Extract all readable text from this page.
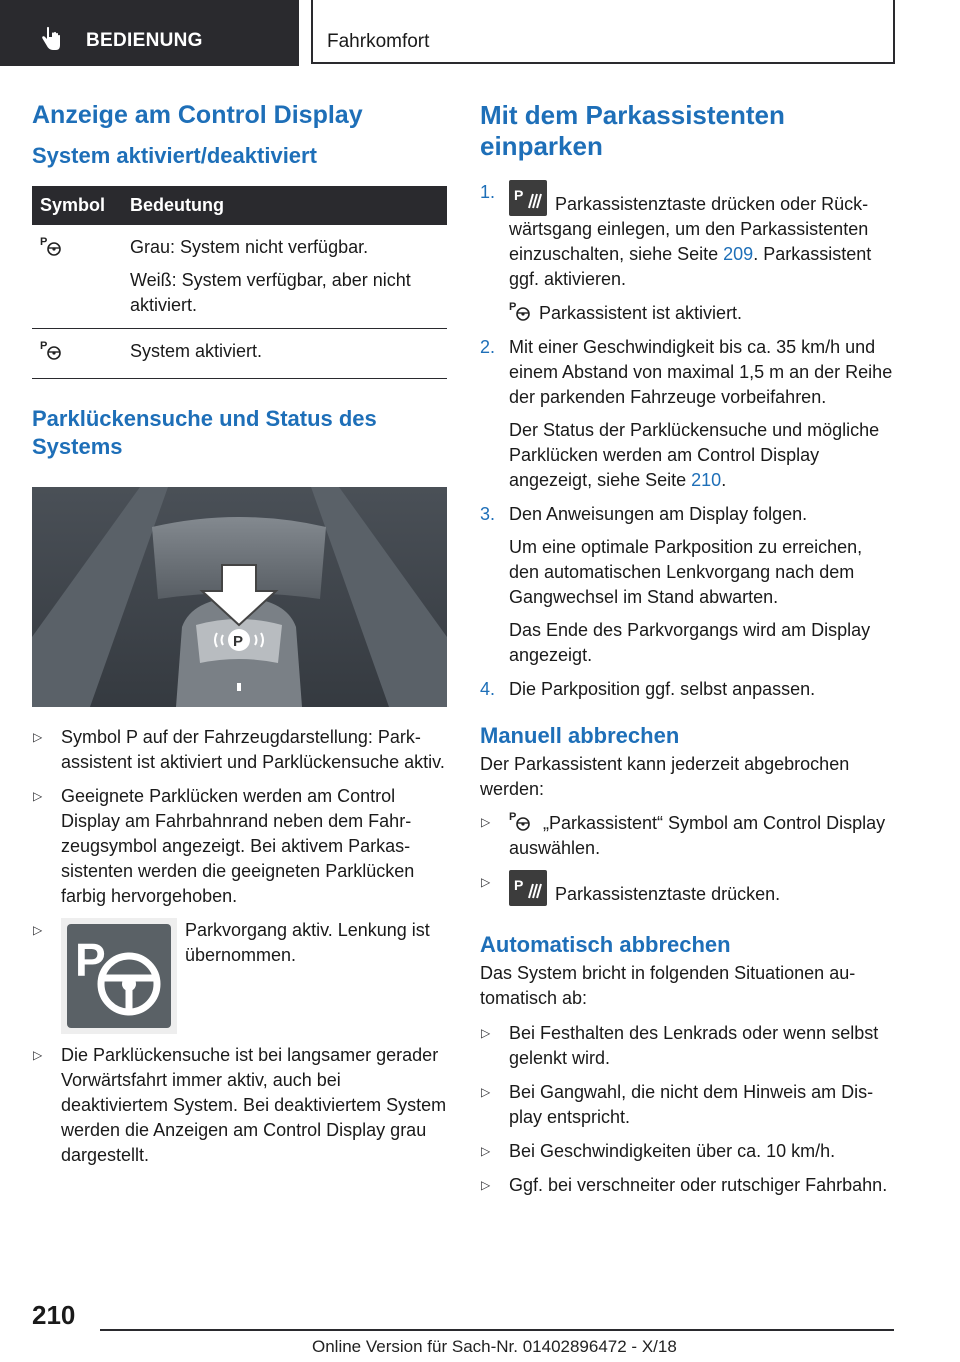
BEDIENUNG	Fahrkomfort
Anzeige am Control Display
System aktiviert/deaktiviert
Symbol	Bedeutung

P	Grau: System nicht verfügbar.
Weiß: System verfügbar, aber nicht aktiviert.

P	System aktiviert.
Parklückensuche und Status des Systems
P
▷ Symbol P auf der Fahrzeugdarstellung: Parkassistent ist aktiviert und Parklückensuche aktiv.
▷ Geeignete Parklücken werden am Control Display am Fahrbahnrand neben dem Fahrzeugsymbol angezeigt. Bei aktivem Parkassistenten werden die geeigneten Parklücken farbig hervorgehoben.
▷
P
Parkvorgang aktiv. Lenkung ist übernommen.
▷ Die Parklückensuche ist bei langsamer gerader Vorwärtsfahrt immer aktiv, auch bei deaktiviertem System. Bei deaktiviertem System werden die Anzeigen am Control Display grau dargestellt.
Mit dem Parkassistenten einparken
1. P Parkassistenztaste drücken oder Rückwärtsgang einlegen, um den Parkassistenten einzuschalten, siehe Seite 209. Parkassistent ggf. aktivieren.
P Parkassistent ist aktiviert.
2. Mit einer Geschwindigkeit bis ca. 35 km/h und einem Abstand von maximal 1,5 m an der Reihe der parkenden Fahrzeuge vorbeifahren.
Der Status der Parklückensuche und mögliche Parklücken werden am Control Display angezeigt, siehe Seite 210.
3. Den Anweisungen am Display folgen.
Um eine optimale Parkposition zu erreichen, den automatischen Lenkvorgang nach dem Gangwechsel im Stand abwarten.
Das Ende des Parkvorgangs wird am Display angezeigt.
4. Die Parkposition ggf. selbst anpassen.
Manuell abbrechen
Der Parkassistent kann jederzeit abgebrochen werden:
▷ P „Parkassistent“ Symbol am Control Display auswählen.
▷ P Parkassistenztaste drücken.
Automatisch abbrechen
Das System bricht in folgenden Situationen automatisch ab:
▷ Bei Festhalten des Lenkrads oder wenn selbst gelenkt wird.
▷ Bei Gangwahl, die nicht dem Hinweis am Display entspricht.
▷ Bei Geschwindigkeiten über ca. 10 km/h.
▷ Ggf. bei verschneiter oder rutschiger Fahrbahn.
210
Online Version für Sach-Nr. 01402896472 - X/18
